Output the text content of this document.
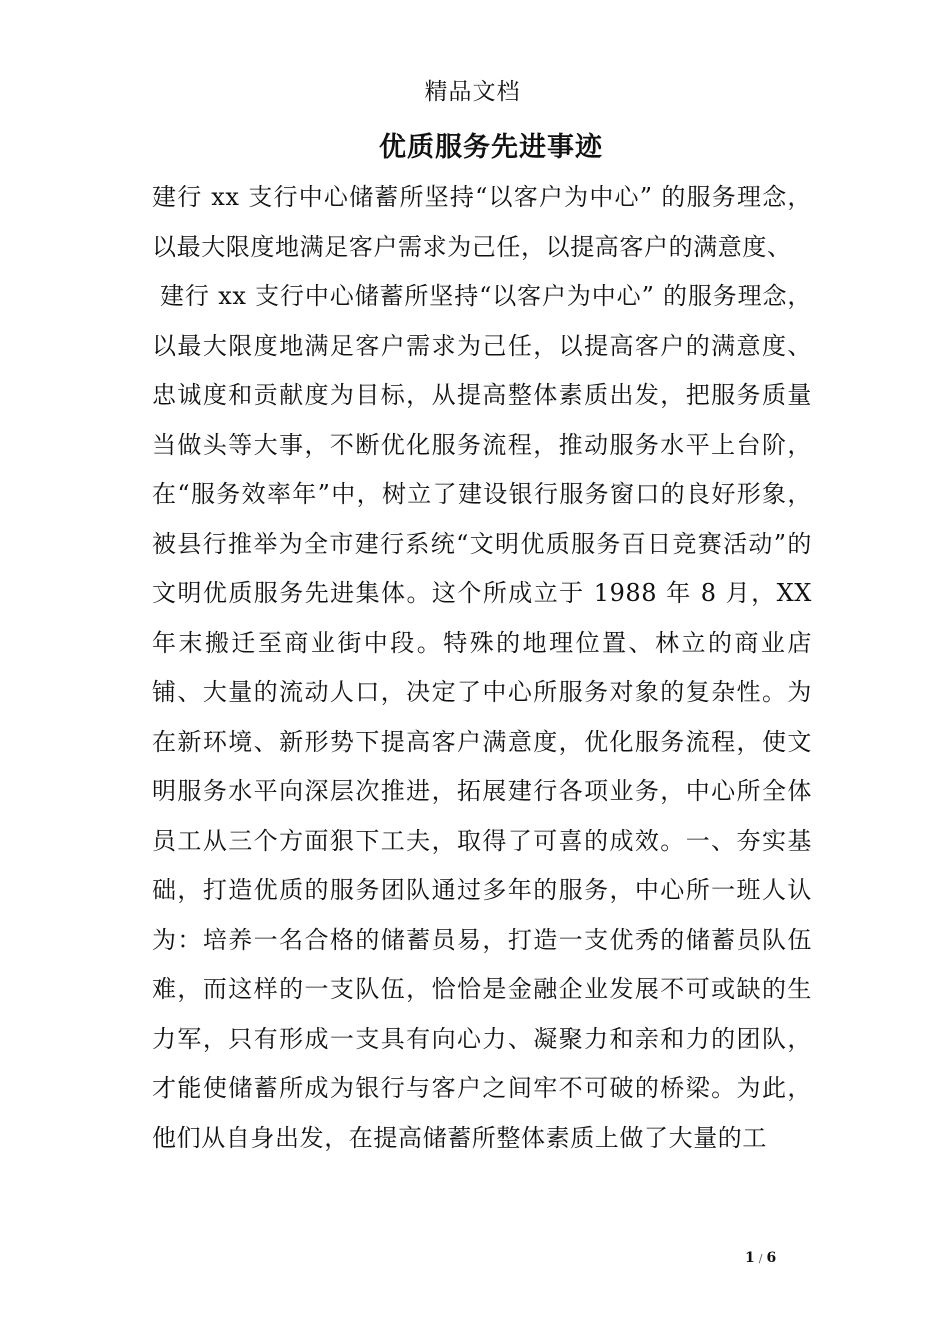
精品文档
优质服务先进事迹

建行 xx 支行中心储蓄所坚持“以客户为中心” 的服务理念，以最大限度地满足客户需求为己任，以提高客户的满意度、

建行 xx 支行中心储蓄所坚持“以客户为中心” 的服务理念，以最大限度地满足客户需求为己任，以提高客户的满意度、忠诚度和贡献度为目标，从提高整体素质出发，把服务质量当做头等大事，不断优化服务流程，推动服务水平上台阶，在“服务效率年”中，树立了建设银行服务窗口的良好形象，被县行推举为全市建行系统“文明优质服务百日竞赛活动”的文明优质服务先进集体。这个所成立于 1988 年 8 月，XX年末搬迁至商业街中段。特殊的地理位置、林立的商业店铺、大量的流动人口，决定了中心所服务对象的复杂性。为在新环境、新形势下提高客户满意度，优化服务流程，使文明服务水平向深层次推进，拓展建行各项业务，中心所全体员工从三个方面狠下工夫，取得了可喜的成效。一、夯实基础，打造优质的服务团队通过多年的服务，中心所一班人认为：培养一名合格的储蓄员易，打造一支优秀的储蓄员队伍难，而这样的一支队伍，恰恰是金融企业发展不可或缺的生力军，只有形成一支具有向心力、凝聚力和亲和力的团队，才能使储蓄所成为银行与客户之间牢不可破的桥梁。为此，他们从自身出发，在提高储蓄所整体素质上做了大量的工

1 / 6
